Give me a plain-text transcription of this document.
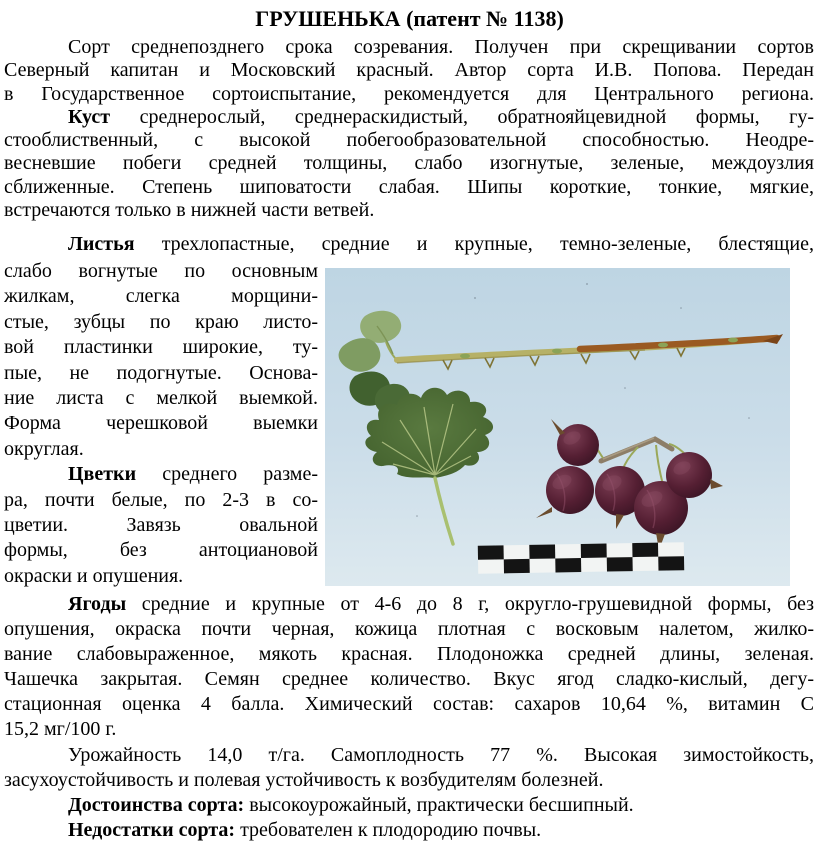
ГРУШЕНЬКА (патент № 1138)
Сорт среднепозднего срока созревания. Получен при скрещивании сортов
Северный капитан и Московский красный. Автор сорта И.В. Попова. Передан
в Государственное сортоиспытание, рекомендуется для Центрального региона.
Куст среднерослый, среднераскидистый, обратнояйцевидной формы, гу-
стооблиственный, с высокой побегообразовательной способностью. Неодре-
весневшие побеги средней толщины, слабо изогнутые, зеленые, междоузлия
сближенные. Степень шиповатости слабая. Шипы короткие, тонкие, мягкие,
встречаются только в нижней части ветвей.
Листья трехлопастные, средние и крупные, темно-зеленые, блестящие,
слабо вогнутые по основным
жилкам, слегка морщини-
стые, зубцы по краю листо-
вой пластинки широкие, ту-
пые, не подогнутые. Основа-
ние листа с мелкой выемкой.
Форма черешковой выемки
округлая.
Цветки среднего разме-
ра, почти белые, по 2-3 в со-
цветии. Завязь овальной
формы, без антоциановой
окраски и опушения.
Ягоды средние и крупные от 4-6 до 8 г, округло-грушевидной формы, без
опушения, окраска почти черная, кожица плотная с восковым налетом, жилко-
вание слабовыраженное, мякоть красная. Плодоножка средней длины, зеленая.
Чашечка закрытая. Семян среднее количество. Вкус ягод сладко-кислый, дегу-
стационная оценка 4 балла. Химический состав: сахаров 10,64 %, витамин С
15,2 мг/100 г.
Урожайность 14,0 т/га. Самоплодность 77 %. Высокая зимостойкость,
засухоустойчивость и полевая устойчивость к возбудителям болезней.
Достоинства сорта: высокоурожайный, практически бесшипный.
Недостатки сорта: требователен к плодородию почвы.
